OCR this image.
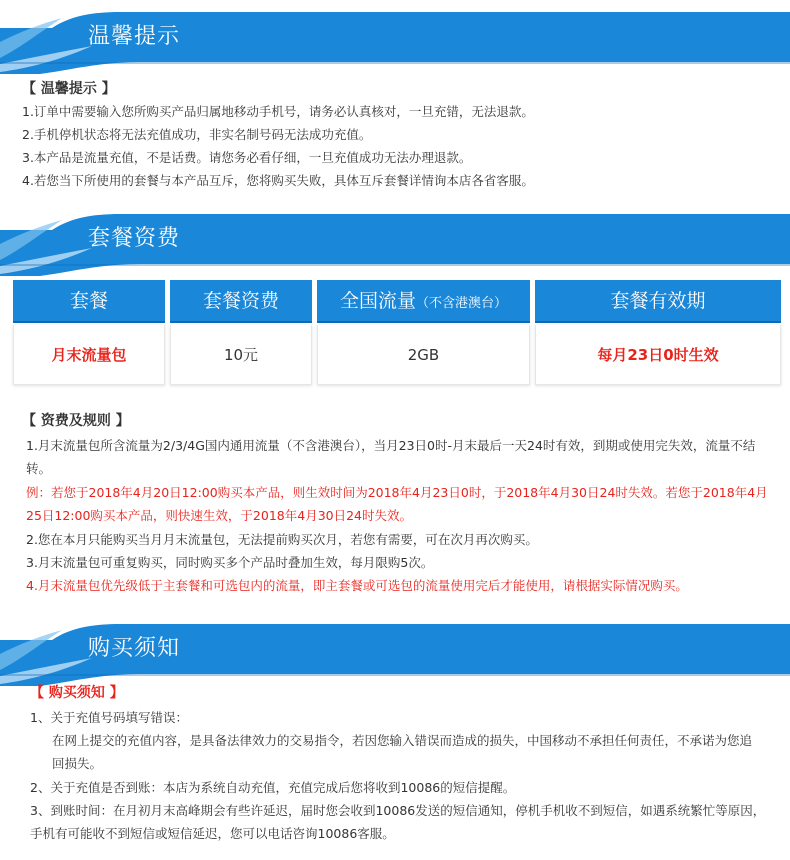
温馨提示
【 温馨提示 】

1.订单中需要输入您所购买产品归属地移动手机号，请务必认真核对，一旦充错，无法退款。

2.手机停机状态将无法充值成功，非实名制号码无法成功充值。

3.本产品是流量充值，不是话费。请您务必看仔细，一旦充值成功无法办理退款。

4.若您当下所使用的套餐与本产品互斥，您将购买失败，具体互斥套餐详情询本店各省客服。

套餐资费
套餐	套餐资费	全国流量（不含港澳台）	套餐有效期
月末流量包	10元	2GB	每月23日0时生效
【 资费及规则 】

1.月末流量包所含流量为2/3/4G国内通用流量（不含港澳台），当月23日0时-月末最后一天24时有效，到期或使用完失效，流量不结转。

例：若您于2018年4月20日12:00购买本产品，则生效时间为2018年4月23日0时，于2018年4月30日24时失效。若您于2018年4月25日12:00购买本产品，则快速生效，于2018年4月30日24时失效。

2.您在本月只能购买当月月末流量包，无法提前购买次月，若您有需要，可在次月再次购买。

3.月末流量包可重复购买，同时购买多个产品时叠加生效，每月限购5次。

4.月末流量包优先级低于主套餐和可选包内的流量，即主套餐或可选包的流量使用完后才能使用，请根据实际情况购买。

购买须知
【 购买须知 】

1、关于充值号码填写错误：

在网上提交的充值内容，是具备法律效力的交易指令，若因您输入错误而造成的损失，中国移动不承担任何责任，不承诺为您追回损失。

2、关于充值是否到账：本店为系统自动充值，充值完成后您将收到10086的短信提醒。

3、到账时间：在月初月末高峰期会有些许延迟，届时您会收到10086发送的短信通知，停机手机收不到短信，如遇系统繁忙等原因，手机有可能收不到短信或短信延迟，您可以电话咨询10086客服。
